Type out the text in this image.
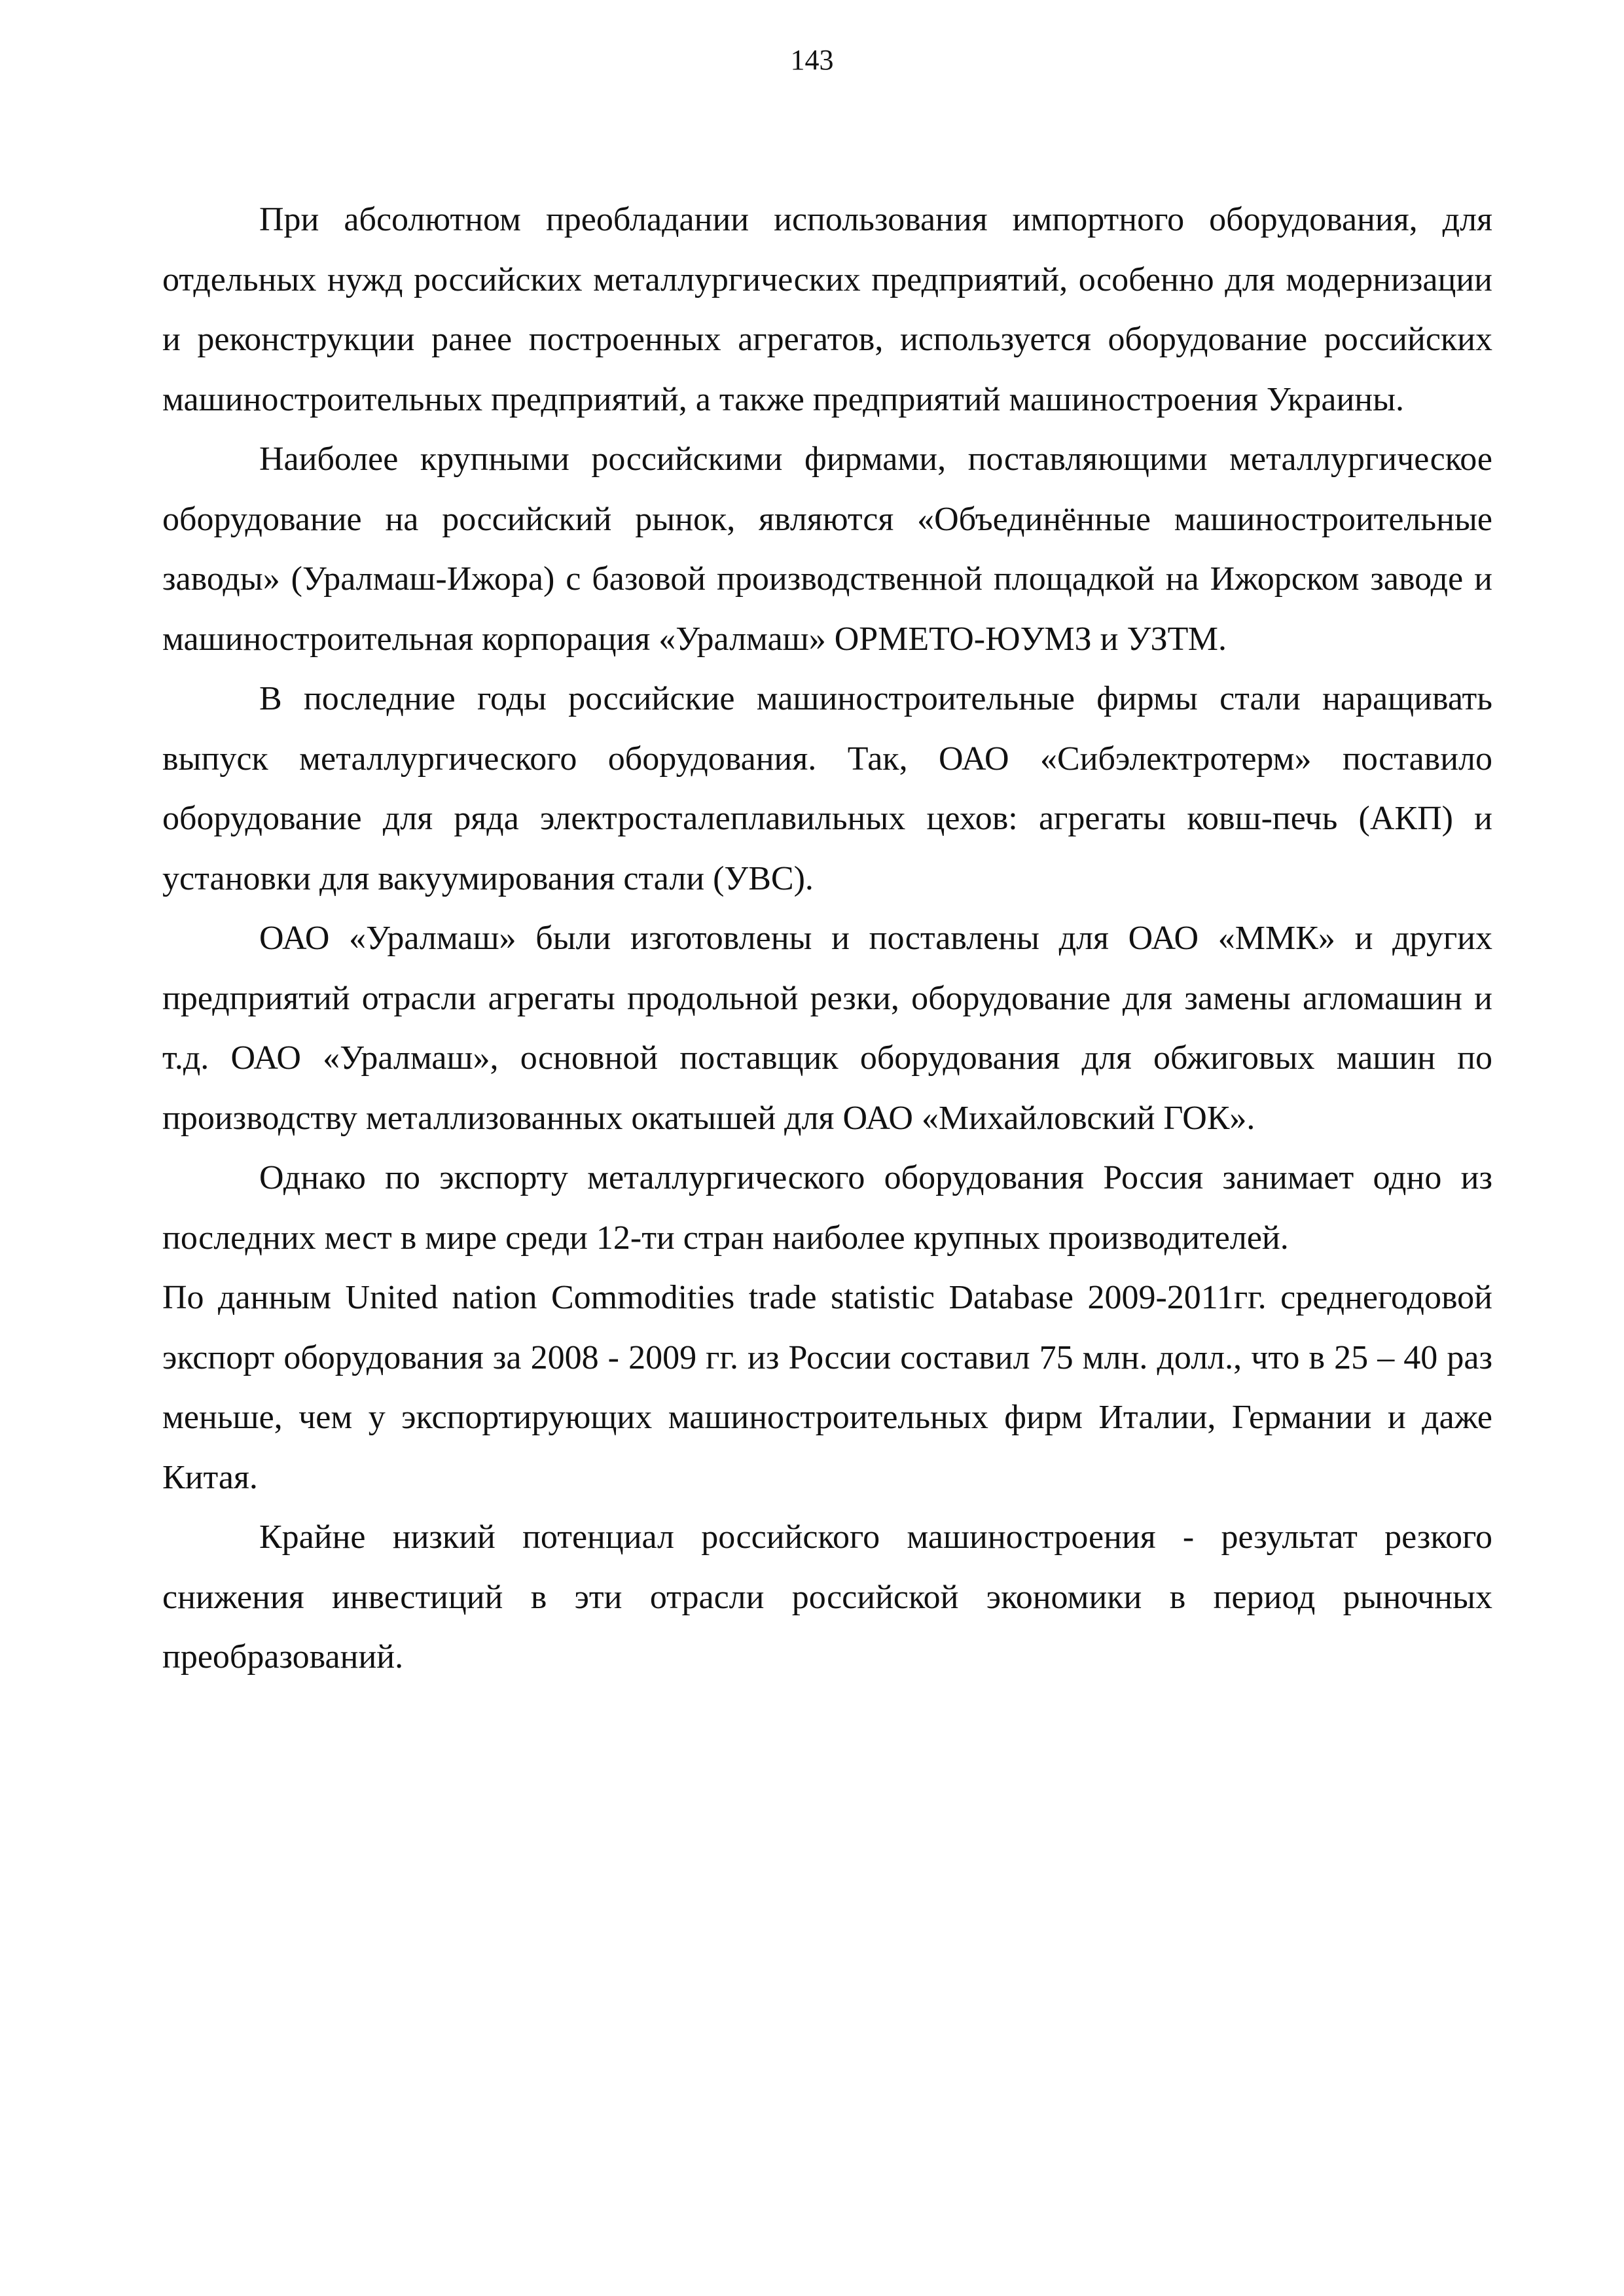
143

При абсолютном преобладании использования импортного оборудования, для отдельных нужд российских металлургических предприятий, особенно для модернизации и реконструкции ранее построенных агрегатов, используется оборудование российских машиностроительных предприятий, а также предприятий машиностроения Украины.

Наиболее крупными российскими фирмами, поставляющими металлургическое оборудование на российский рынок, являются «Объединённые машиностроительные заводы» (Уралмаш-Ижора) с базовой производственной площадкой на Ижорском заводе и машиностроительная корпорация «Уралмаш» ОРМЕТО-ЮУМЗ и УЗТМ.

В последние годы российские машиностроительные фирмы стали наращивать выпуск металлургического оборудования. Так, ОАО «Сибэлектротерм» поставило оборудование для ряда электросталеплавильных цехов: агрегаты ковш-печь (АКП) и установки для вакуумирования стали (УВС).

ОАО «Уралмаш» были изготовлены и поставлены для ОАО «ММК» и других предприятий отрасли агрегаты продольной резки, оборудование для замены агломашин и т.д. ОАО «Уралмаш», основной поставщик оборудования для обжиговых машин по производству металлизованных окатышей для ОАО «Михайловский ГОК».

Однако по экспорту металлургического оборудования Россия занимает одно из последних мест в мире среди 12-ти стран наиболее крупных производителей.

По данным United nation Commodities trade statistic Database 2009-2011гг. среднегодовой экспорт оборудования за 2008 - 2009 гг. из России составил 75 млн. долл., что в 25 – 40 раз меньше, чем у экспортирующих машиностроительных фирм Италии, Германии и даже Китая.

Крайне низкий потенциал российского машиностроения - результат резкого снижения инвестиций в эти отрасли российской экономики в период рыночных преобразований.
